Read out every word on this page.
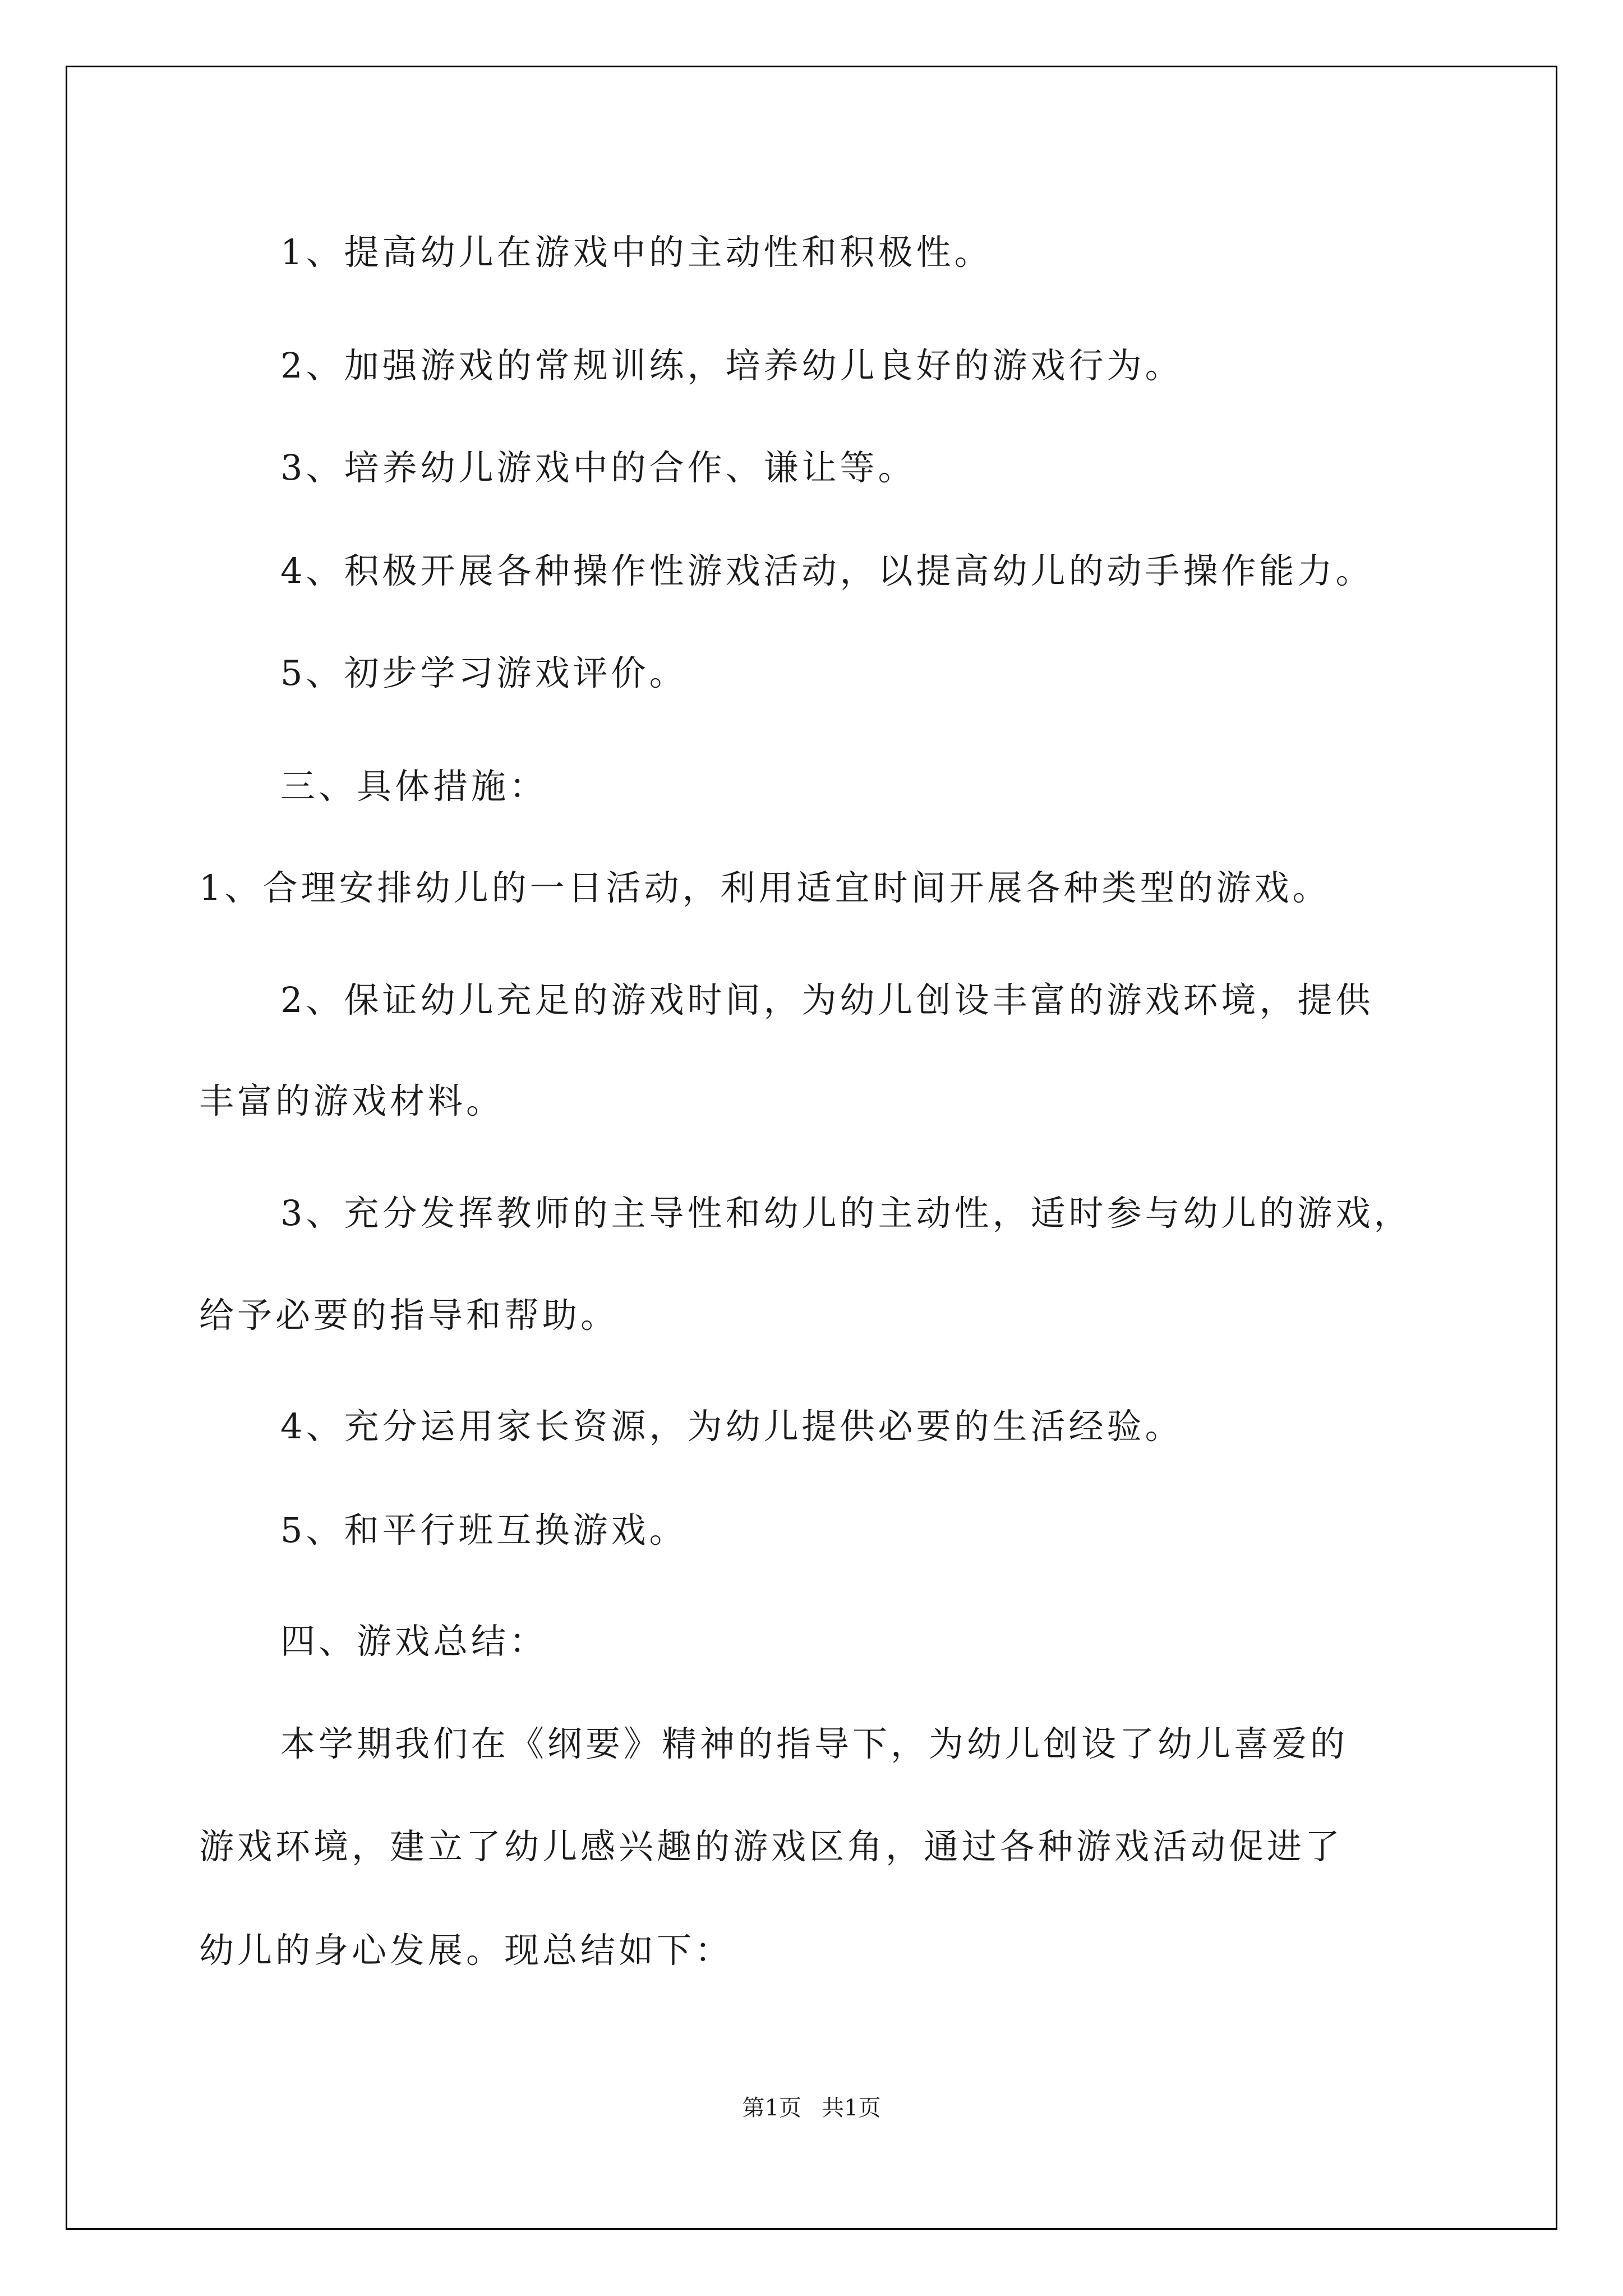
1、提高幼儿在游戏中的主动性和积极性。
2、加强游戏的常规训练，培养幼儿良好的游戏行为。
3、培养幼儿游戏中的合作、谦让等。
4、积极开展各种操作性游戏活动，以提高幼儿的动手操作能力。
5、初步学习游戏评价。
三、具体措施：
1、合理安排幼儿的一日活动，利用适宜时间开展各种类型的游戏。
2、保证幼儿充足的游戏时间，为幼儿创设丰富的游戏环境，提供
丰富的游戏材料。
3、充分发挥教师的主导性和幼儿的主动性，适时参与幼儿的游戏，
给予必要的指导和帮助。
4、充分运用家长资源，为幼儿提供必要的生活经验。
5、和平行班互换游戏。
四、游戏总结：
本学期我们在《纲要》精神的指导下，为幼儿创设了幼儿喜爱的
游戏环境，建立了幼儿感兴趣的游戏区角，通过各种游戏活动促进了
幼儿的身心发展。现总结如下：
第1页 共1页
